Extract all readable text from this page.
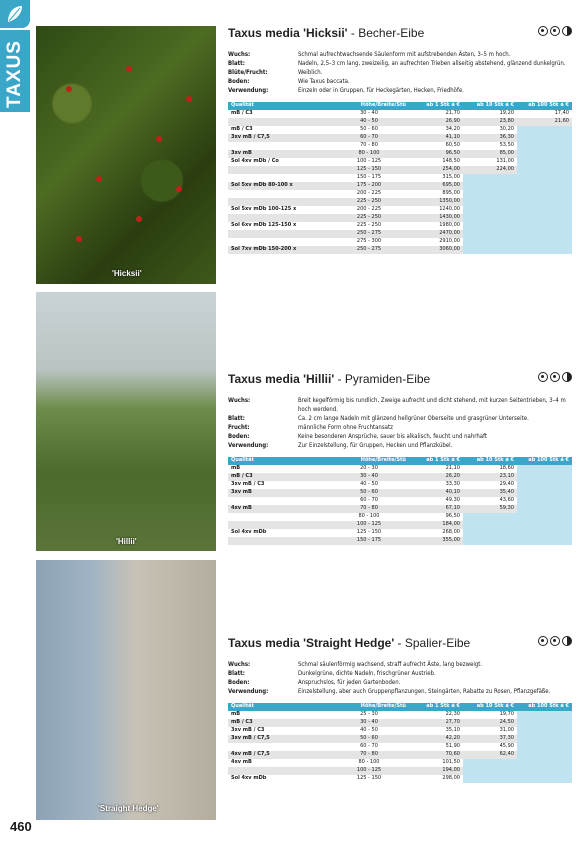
TAXUS
'Hicksii'
'Hillii'
'Straight Hedge'
460
Taxus media 'Hicksii' - Becher-Eibe
Wuchs:	Schmal aufrechtwachsende Säulenform mit aufstrebenden Ästen, 3–5 m hoch.
Blatt:	Nadeln, 2,5–3 cm lang, zweizeilig, an aufrechten Trieben allseitig abstehend, glänzend dunkelgrün.
Blüte/Frucht:	Weiblich.
Boden:	Wie Taxus baccata.
Verwendung:	Einzeln oder in Gruppen, für Heckegärten, Hecken, Friedhöfe.
Qualität	Höhe/Breite/Stü	ab 1 Stk á €	ab 10 Stk á €	ab 100 Stk á €
mB / C3	30 - 40	21,70	19,20	17,40
	40 - 50	26,90	23,80	21,60
mB / C3	50 - 60	34,20	30,20	
3xv mB / C7,5	60 - 70	41,10	36,30	
	70 - 80	60,50	53,50	
3xv mB	80 - 100	96,50	85,00	
Sol 4xv mDb / Co	100 - 125	148,50	131,00	
	125 - 150	254,00	224,00	
	150 - 175	315,00		
Sol 5xv mDb 80-100 x	175 - 200	695,00		
	200 - 225	895,00		
	225 - 250	1350,00		
Sol 5xv mDb 100-125 x	200 - 225	1240,00		
	225 - 250	1430,00		
Sol 6xv mDb 125-150 x	225 - 250	1980,00		
	250 - 275	2470,00		
	275 - 300	2910,00		
Sol 7xv mDb 150-200 x	250 - 275	3060,00		
Taxus media 'Hillii' - Pyramiden-Eibe
Wuchs:	Breit kegelförmig bis rundlich, Zweige aufrecht und dicht stehend, mit kurzen Seitentrieben, 3–4 m hoch werdend.
Blatt:	Ca. 2 cm lange Nadeln mit glänzend hellgrüner Oberseite und grasgrüner Unterseite.
Frucht:	männliche Form ohne Fruchtansatz
Boden:	Keine besonderen Ansprüche, sauer bis alkalisch, feucht und nahrhaft
Verwendung:	Zur Einzelstellung, für Gruppen, Hecken und Pflanzkübel.
Qualität	Höhe/Breite/Stü	ab 1 Stk á €	ab 10 Stk á €	ab 100 Stk á €
mB	20 - 30	21,10	18,60	
mB / C3	30 - 40	26,20	23,10	
3xv mB / C3	40 - 50	33,30	29,40	
3xv mB	50 - 60	40,10	35,40	
	60 - 70	49,30	43,60	
4xv mB	70 - 80	67,10	59,30	
	80 - 100	96,50		
	100 - 125	184,00		
Sol 4xv mDb	125 - 150	268,00		
	150 - 175	355,00		
Taxus media 'Straight Hedge' - Spalier-Eibe
Wuchs:	Schmal säulenförmig wachsend, straff aufrecht Äste, lang bezweigt.
Blatt:	Dunkelgrüne, dichte Nadeln, frischgrüner Austrieb.
Boden:	Anspruchslos, für jeden Gartenboden.
Verwendung:	Einzelstellung, aber auch Gruppenpflanzungen, Steingärten, Rabatte zu Rosen, Pflanzgefäße.
Qualität	Höhe/Breite/Stü	ab 1 Stk á €	ab 10 Stk á €	ab 100 Stk á €
mB	25 - 30	22,30	19,70	
mB / C3	30 - 40	27,70	24,50	
3xv mB / C3	40 - 50	35,10	31,00	
3xv mB / C7,5	50 - 60	42,20	37,30	
	60 - 70	51,90	45,90	
4xv mB / C7,5	70 - 80	70,60	62,40	
4xv mB	80 - 100	101,50		
	100 - 125	194,00		
Sol 4xv mDb	125 - 150	298,00		
